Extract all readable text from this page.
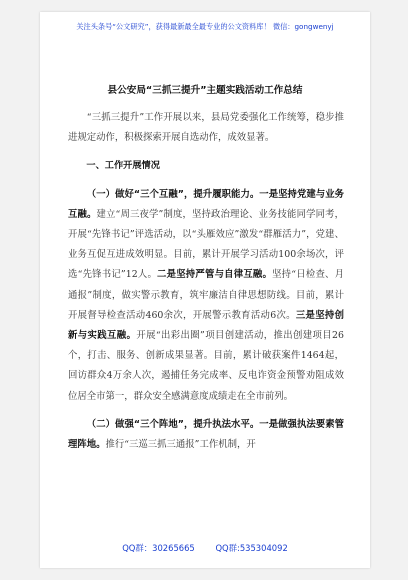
关注头条号“公文研究”，获得最新最全最专业的公文资料库！ 微信：gongwenyj
县公安局“三抓三提升”主题实践活动工作总结

“三抓三提升”工作开展以来，县局党委强化工作统筹，稳步推进规定动作，积极探索开展自选动作，成效显著。

一、工作开展情况

（一）做好“三个互融”，提升履职能力。一是坚持党建与业务互融。建立“周三夜学”制度，坚持政治理论、业务技能同学同考，开展“先锋书记”评选活动，以“头雁效应”激发“群雁活力”，党建、业务互促互进成效明显。目前，累计开展学习活动100余场次，评选“先锋书记”12人。二是坚持严管与自律互融。坚持“日检查、月通报”制度，做实警示教育，筑牢廉洁自律思想防线。目前，累计开展督导检查活动460余次，开展警示教育活动6次。三是坚持创新与实践互融。开展“出彩出圈”项目创建活动，推出创建项目26个，打击、服务、创新成果显著。目前，累计破获案件1464起，回访群众4万余人次，遏捕任务完成率、反电诈资金预警劝阻成效位居全市第一，群众安全感满意度成绩走在全市前列。

（二）做强“三个阵地”，提升执法水平。一是做强执法要素管理阵地。推行“三巡三抓三通报”工作机制，开

QQ群：30265665 QQ群:535304092
